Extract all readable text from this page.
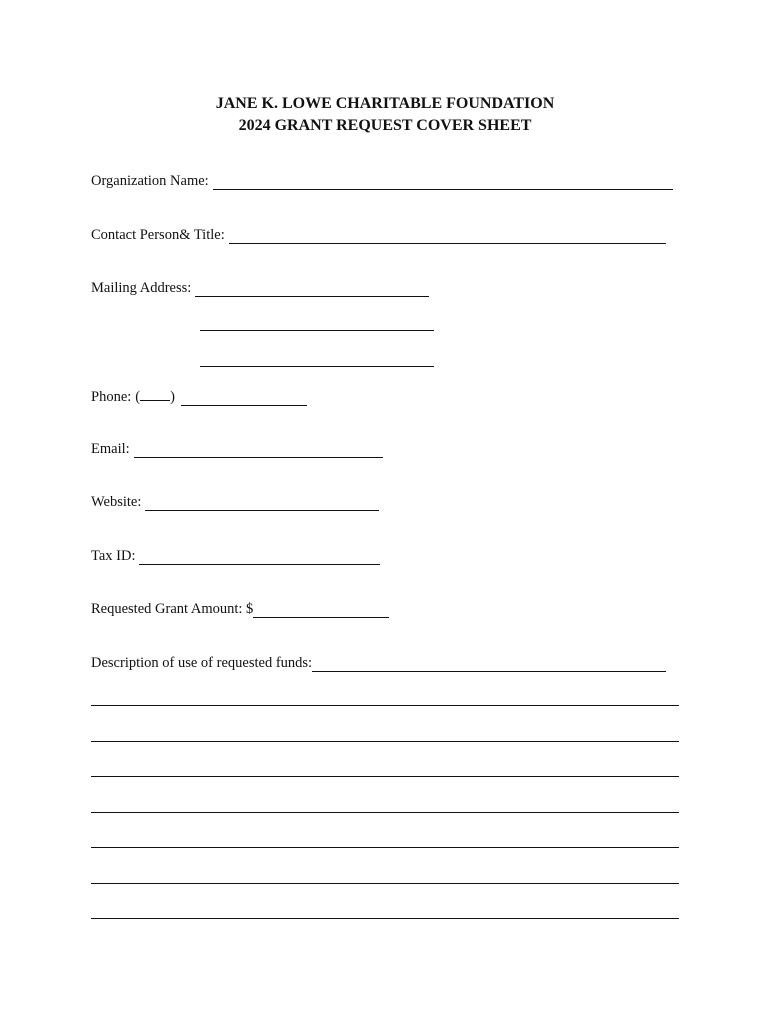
JANE K. LOWE CHARITABLE FOUNDATION
2024 GRANT REQUEST COVER SHEET
Organization Name:
Contact Person& Title:
Mailing Address:
Phone: ( )
Email:
Website:
Tax ID:
Requested Grant Amount: $
Description of use of requested funds:
